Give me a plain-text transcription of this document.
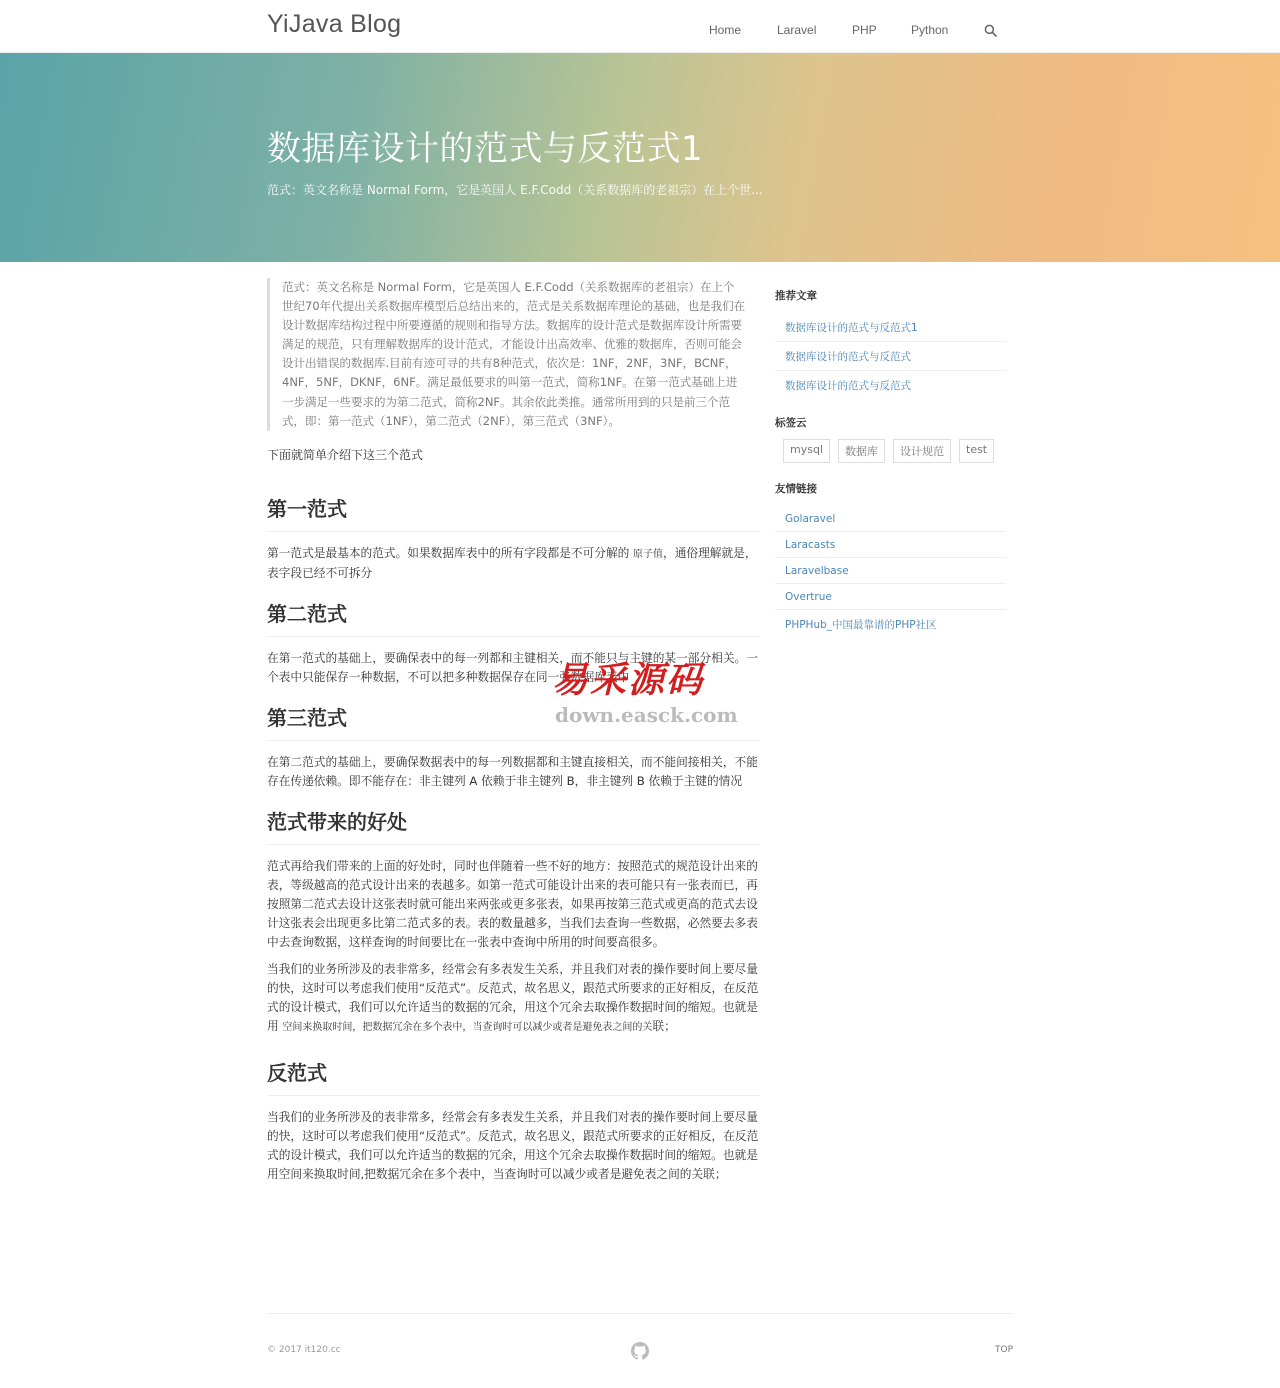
YiJava Blog	Home	Laravel	PHP	Python
数据库设计的范式与反范式1

范式：英文名称是 Normal Form，它是英国人 E.F.Codd（关系数据库的老祖宗）在上个世...

范式：英文名称是 Normal Form，它是英国人 E.F.Codd（关系数据库的老祖宗）在上个世纪70年代提出关系数据库模型后总结出来的，范式是关系数据库理论的基础，也是我们在设计数据库结构过程中所要遵循的规则和指导方法。数据库的设计范式是数据库设计所需要满足的规范，只有理解数据库的设计范式，才能设计出高效率、优雅的数据库，否则可能会设计出错误的数据库.目前有迹可寻的共有8种范式，依次是：1NF，2NF，3NF，BCNF，4NF，5NF，DKNF，6NF。满足最低要求的叫第一范式，简称1NF。在第一范式基础上进一步满足一些要求的为第二范式，简称2NF。其余依此类推。通常所用到的只是前三个范式，即：第一范式（1NF），第二范式（2NF），第三范式（3NF）。

下面就简单介绍下这三个范式

第一范式

第一范式是最基本的范式。如果数据库表中的所有字段都是不可分解的 原子值，通俗理解就是，表字段已经不可拆分

第二范式

在第一范式的基础上，要确保表中的每一列都和主键相关，而不能只与主键的某一部分相关。一个表中只能保存一种数据，不可以把多种数据保存在同一张数据库表中

第三范式

在第二范式的基础上，要确保数据表中的每一列数据都和主键直接相关，而不能间接相关，不能存在传递依赖。即不能存在：非主键列 A 依赖于非主键列 B，非主键列 B 依赖于主键的情况

范式带来的好处

范式再给我们带来的上面的好处时，同时也伴随着一些不好的地方：按照范式的规范设计出来的表，等级越高的范式设计出来的表越多。如第一范式可能设计出来的表可能只有一张表而已，再按照第二范式去设计这张表时就可能出来两张或更多张表，如果再按第三范式或更高的范式去设计这张表会出现更多比第二范式多的表。表的数量越多，当我们去查询一些数据，必然要去多表中去查询数据，这样查询的时间要比在一张表中查询中所用的时间要高很多。

当我们的业务所涉及的表非常多，经常会有多表发生关系，并且我们对表的操作要时间上要尽量的快，这时可以考虑我们使用“反范式”。反范式，故名思义，跟范式所要求的正好相反，在反范式的设计模式，我们可以允许适当的数据的冗余，用这个冗余去取操作数据时间的缩短。也就是用 空间来换取时间，把数据冗余在多个表中，当查询时可以减少或者是避免表之间的关联；

反范式

当我们的业务所涉及的表非常多，经常会有多表发生关系，并且我们对表的操作要时间上要尽量的快，这时可以考虑我们使用“反范式”。反范式，故名思义，跟范式所要求的正好相反，在反范式的设计模式，我们可以允许适当的数据的冗余，用这个冗余去取操作数据时间的缩短。也就是用空间来换取时间,把数据冗余在多个表中，当查询时可以减少或者是避免表之间的关联；

推荐文章
数据库设计的范式与反范式1
数据库设计的范式与反范式
数据库设计的范式与反范式
标签云
mysql	数据库	设计规范	test
友情链接
Golaravel
Laracasts
Laravelbase
Overtrue
PHPHub_中国最靠谱的PHP社区
易采源码
down.easck.com
© 2017 it120.cc	TOP
